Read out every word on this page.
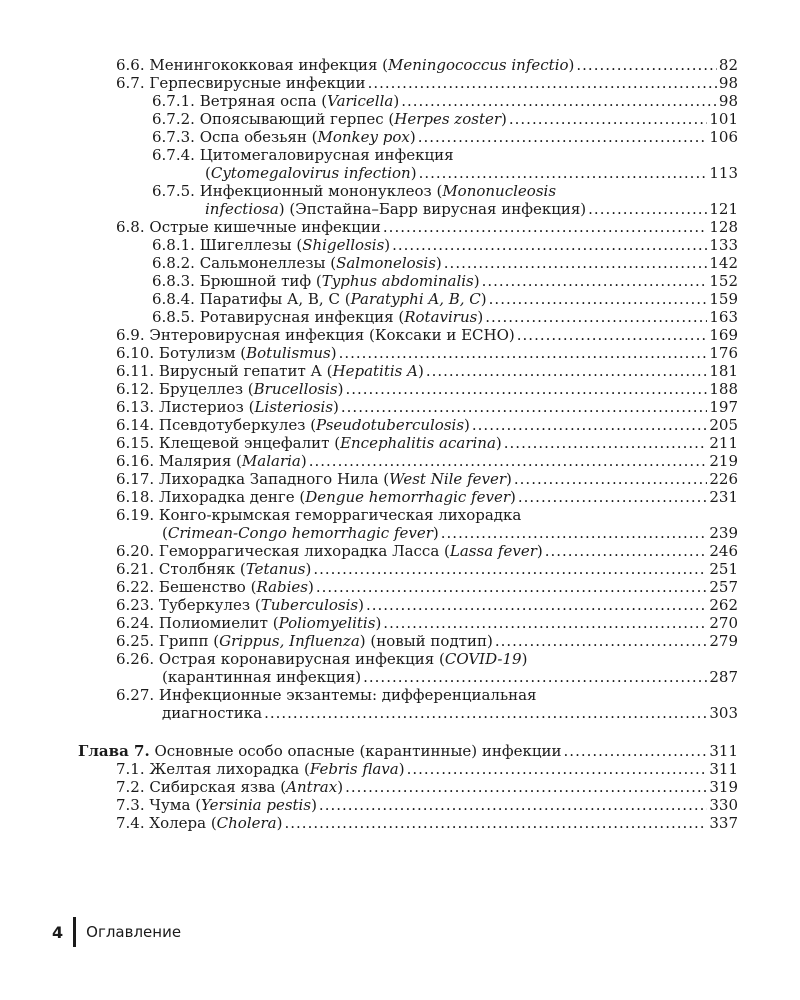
6.6. Менингококковая инфекция (Meningococcus infectio) .....	82
6.7. Герпесвирусные инфекции .....	98
6.7.1. Ветряная оспа (Varicella) .....	98
6.7.2. Опоясывающий герпес (Herpes zoster) .....	101
6.7.3. Оспа обезьян (Monkey pox) .....	106
6.7.4. Цитомегаловирусная инфекция
(Cytomegalovirus infection) .....	113
6.7.5. Инфекционный мононуклеоз (Mononucleosis
infectiosa) (Эпстайна–Барр вирусная инфекция) .....	121
6.8. Острые кишечные инфекции .....	128
6.8.1. Шигеллезы (Shigellosis) .....	133
6.8.2. Сальмонеллезы (Salmonelosis) .....	142
6.8.3. Брюшной тиф (Typhus abdominalis) .....	152
6.8.4. Паратифы А, В, С (Paratyphi A, B, C) .....	159
6.8.5. Ротавирусная инфекция (Rotavirus) .....	163
6.9. Энтеровирусная инфекция (Коксаки и ЕСНО) .....	169
6.10. Ботулизм (Botulismus) .....	176
6.11. Вирусный гепатит А (Hepatitis A) .....	181
6.12. Бруцеллез (Brucellosis) .....	188
6.13. Листериоз (Listeriosis) .....	197
6.14. Псевдотуберкулез (Pseudotuberculosis) .....	205
6.15. Клещевой энцефалит (Encephalitis acarina) .....	211
6.16. Малярия (Malaria) .....	219
6.17. Лихорадка Западного Нила (West Nile fever) .....	226
6.18. Лихорадка денге (Dengue hemorrhagic fever) .....	231
6.19. Конго-крымская геморрагическая лихорадка
(Crimean-Congo hemorrhagic fever) .....	239
6.20. Геморрагическая лихорадка Ласса (Lassa fever) .....	246
6.21. Столбняк (Tetanus) .....	251
6.22. Бешенство (Rabies) .....	257
6.23. Туберкулез (Tuberculosis) .....	262
6.24. Полиомиелит (Poliomyelitis) .....	270
6.25. Грипп (Grippus, Influenza) (новый подтип) .....	279
6.26. Острая коронавирусная инфекция (COVID-19)
(карантинная инфекция) .....	287
6.27. Инфекционные экзантемы: дифференциальная
диагностика .....	303
Глава 7. Основные особо опасные (карантинные) инфекции .....	311
7.1. Желтая лихорадка (Febris flava) .....	311
7.2. Сибирская язва (Antrax) .....	319
7.3. Чума (Yersinia pestis) .....	330
7.4. Холера (Cholera) .....	337
4 Оглавление
